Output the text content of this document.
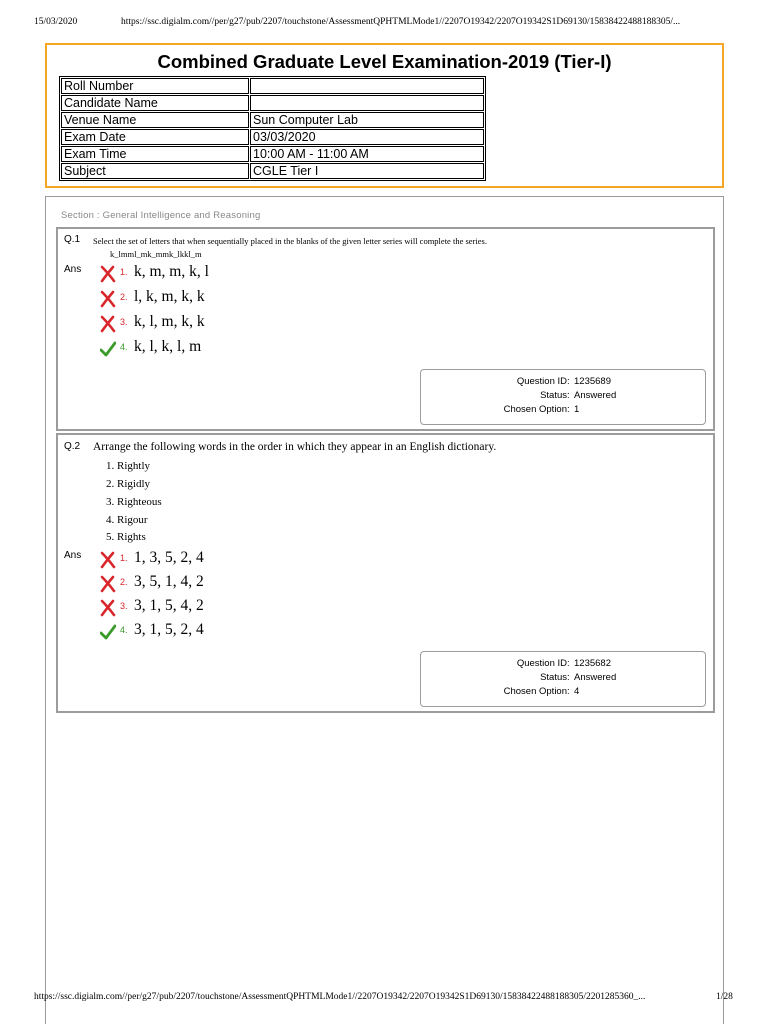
15/03/2020	https://ssc.digialm.com//per/g27/pub/2207/touchstone/AssessmentQPHTMLMode1//2207O19342/2207O19342S1D69130/15838422488188305/...
Combined Graduate Level Examination-2019 (Tier-I)
Roll Number	
Candidate Name	
Venue Name	Sun Computer Lab
Exam Date	03/03/2020
Exam Time	10:00 AM - 11:00 AM
Subject	CGLE Tier I
Section : General Intelligence and Reasoning
Q.1 Select the set of letters that when sequentially placed in the blanks of the given letter series will complete the series.
k_lmml_mk_mmk_lkkl_m
Ans	1. k, m, m, k, l
2. l, k, m, k, k
3. k, l, m, k, k
4. k, l, k, l, m
Question ID : 1235689
Status : Answered
Chosen Option : 1
Q.2 Arrange the following words in the order in which they appear in an English dictionary.
1. Rightly
2. Rigidly
3. Righteous
4. Rigour
5. Rights
Ans	1. 1, 3, 5, 2, 4
2. 3, 5, 1, 4, 2
3. 3, 1, 5, 4, 2
4. 3, 1, 5, 2, 4
Question ID : 1235682
Status : Answered
Chosen Option : 4
https://ssc.digialm.com//per/g27/pub/2207/touchstone/AssessmentQPHTMLMode1//2207O19342/2207O19342S1D69130/15838422488188305/2201285360_...	1/28
